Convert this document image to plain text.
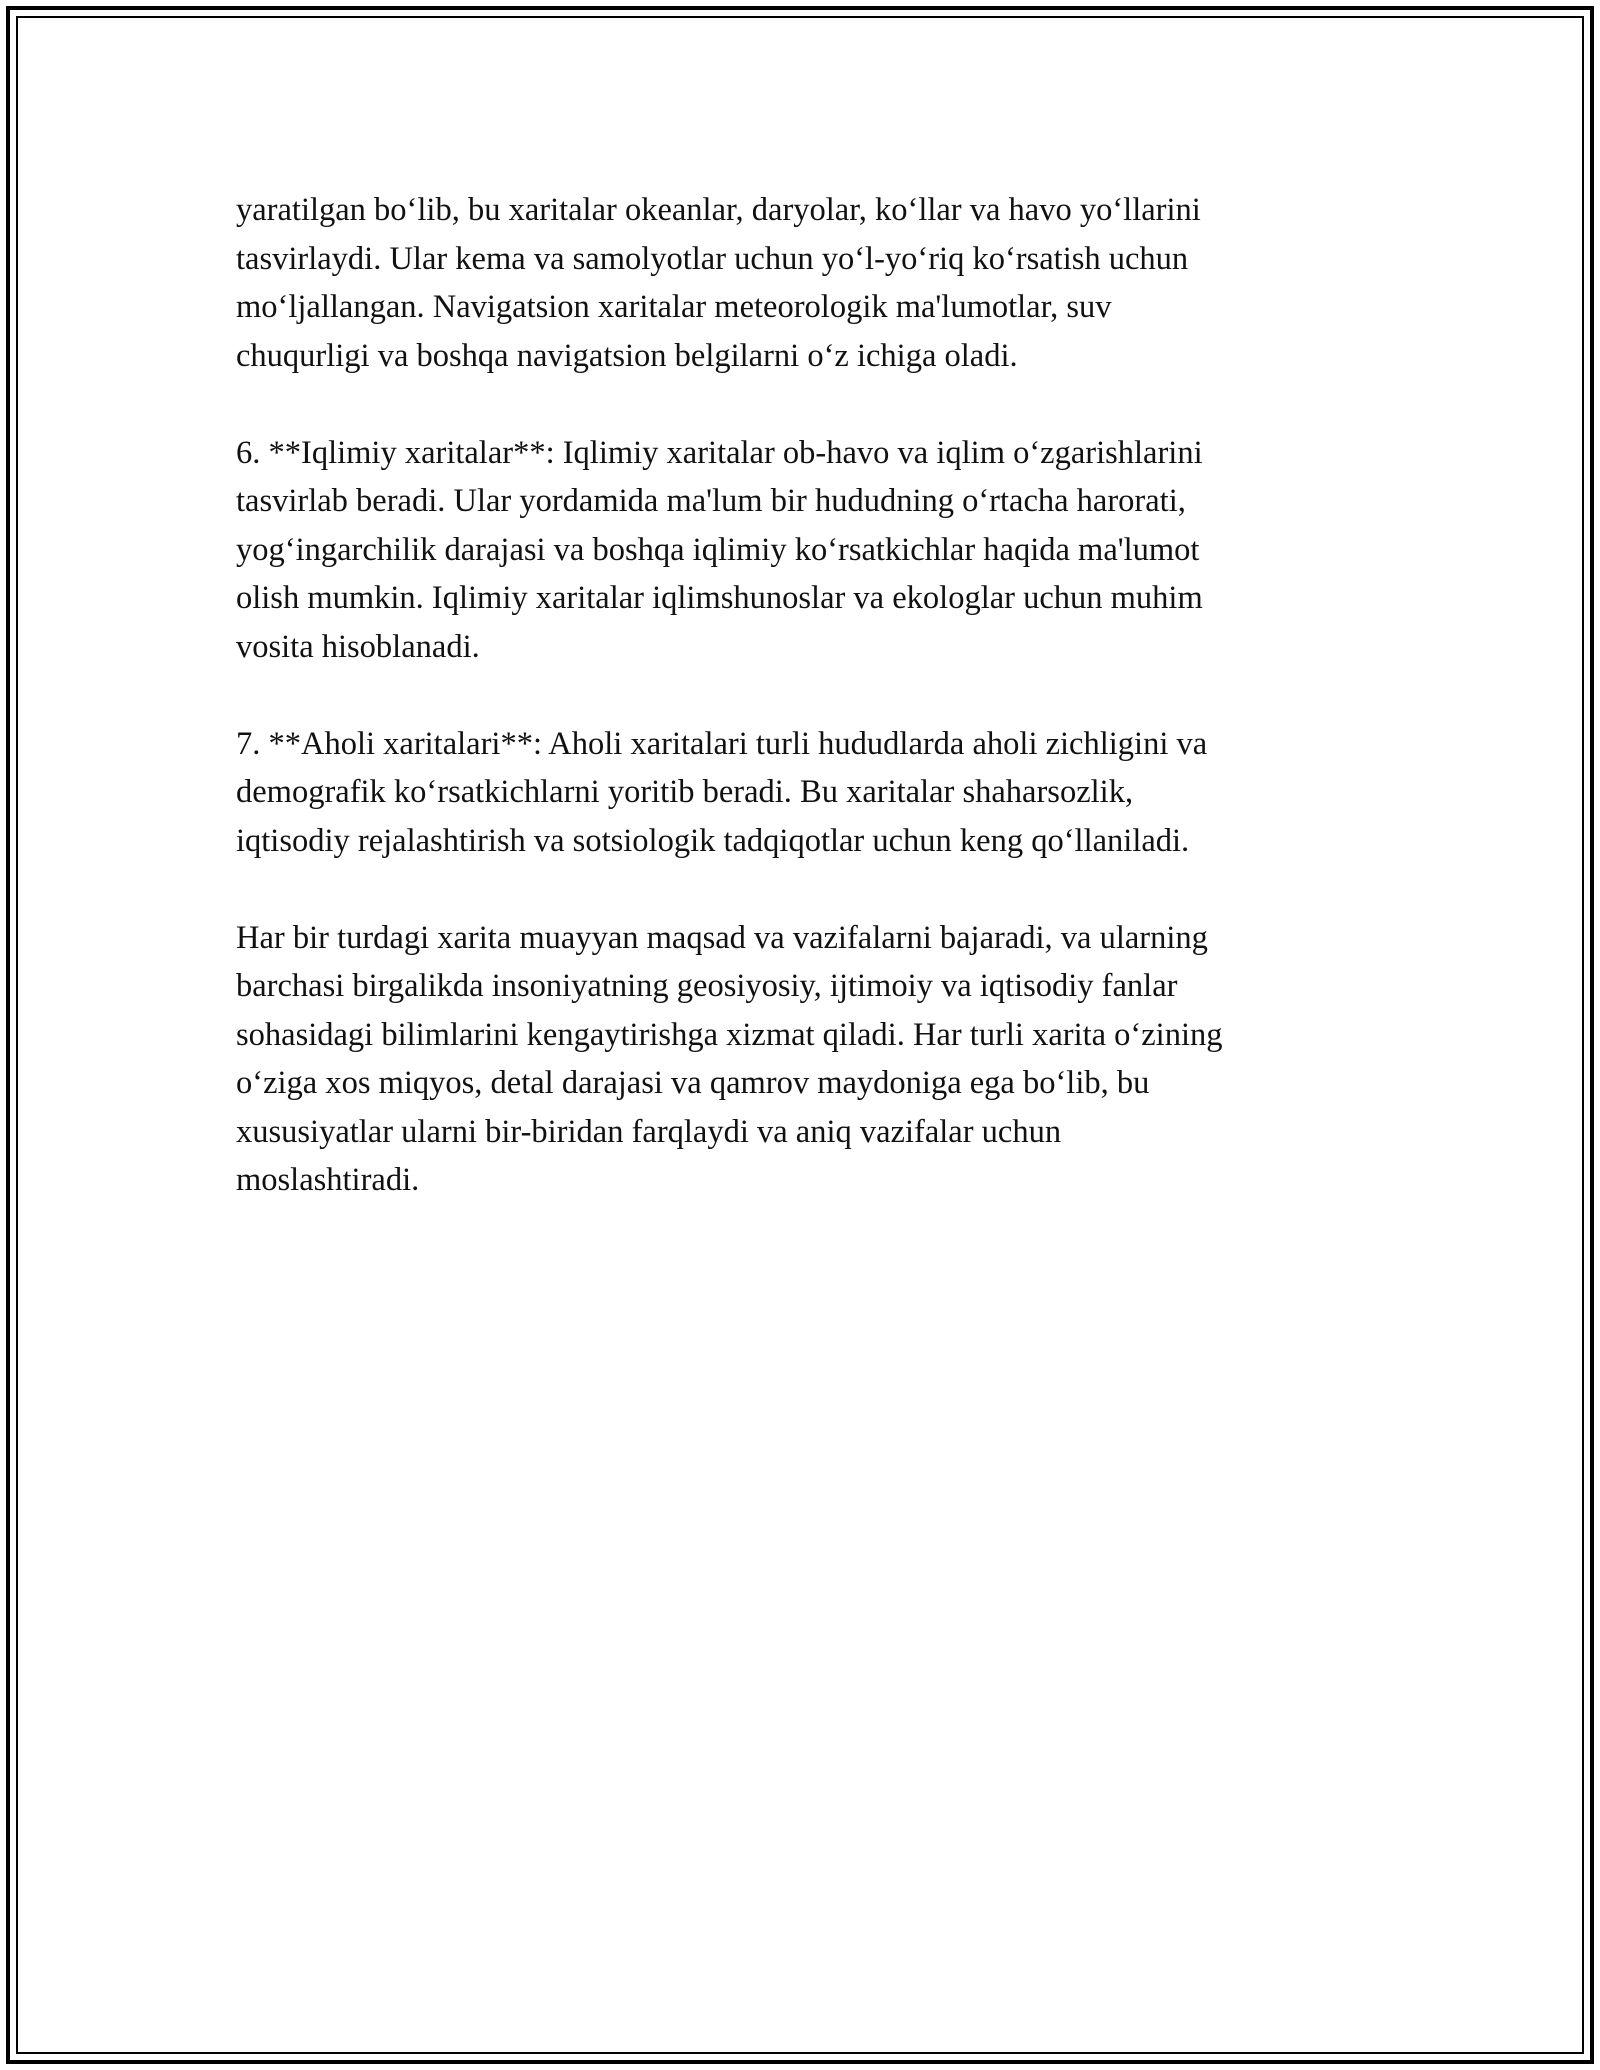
yaratilgan bo‘lib, bu xaritalar okeanlar, daryolar, ko‘llar va havo yo‘llarini
tasvirlaydi. Ular kema va samolyotlar uchun yo‘l-yo‘riq ko‘rsatish uchun
mo‘ljallangan. Navigatsion xaritalar meteorologik ma'lumotlar, suv
chuqurligi va boshqa navigatsion belgilarni o‘z ichiga oladi.

6. **Iqlimiy xaritalar**: Iqlimiy xaritalar ob-havo va iqlim o‘zgarishlarini
tasvirlab beradi. Ular yordamida ma'lum bir hududning o‘rtacha harorati,
yog‘ingarchilik darajasi va boshqa iqlimiy ko‘rsatkichlar haqida ma'lumot
olish mumkin. Iqlimiy xaritalar iqlimshunoslar va ekologlar uchun muhim
vosita hisoblanadi.

7. **Aholi xaritalari**: Aholi xaritalari turli hududlarda aholi zichligini va
demografik ko‘rsatkichlarni yoritib beradi. Bu xaritalar shaharsozlik,
iqtisodiy rejalashtirish va sotsiologik tadqiqotlar uchun keng qo‘llaniladi.

Har bir turdagi xarita muayyan maqsad va vazifalarni bajaradi, va ularning
barchasi birgalikda insoniyatning geosiyosiy, ijtimoiy va iqtisodiy fanlar
sohasidagi bilimlarini kengaytirishga xizmat qiladi. Har turli xarita o‘zining
o‘ziga xos miqyos, detal darajasi va qamrov maydoniga ega bo‘lib, bu
xususiyatlar ularni bir-biridan farqlaydi va aniq vazifalar uchun
moslashtiradi.
